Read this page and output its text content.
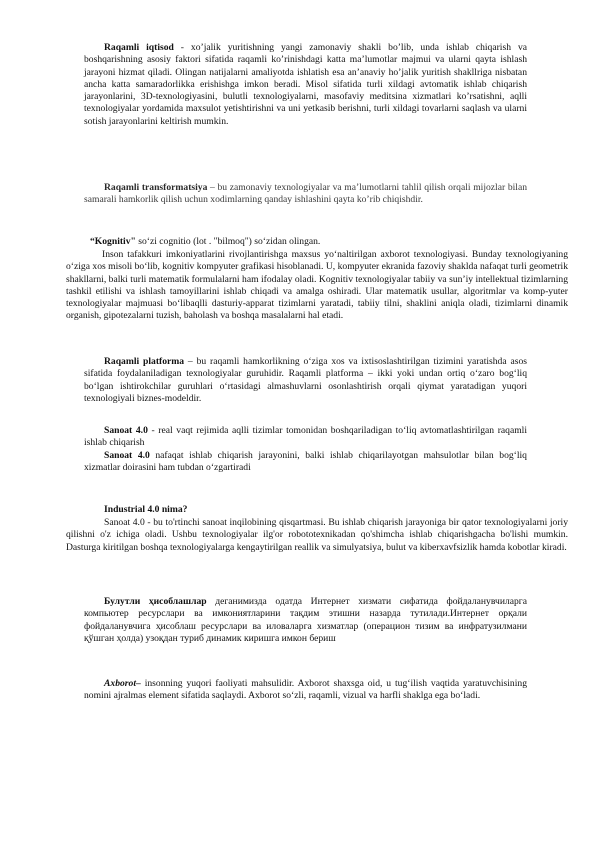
Raqamli iqtisod - xo’jalik yuritishning yangi zamonaviy shakli bo’lib, unda ishlab chiqarish va boshqarishning asosiy faktori sifatida raqamli ko’rinishdagi katta ma’lumotlar majmui va ularni qayta ishlash jarayoni hizmat qiladi. Olingan natijalarni amaliyotda ishlatish esa an’anaviy ho’jalik yuritish shakllriga nisbatan ancha katta samaradorlikka erishishga imkon beradi. Misol sifatida turli xildagi avtomatik ishlab chiqarish jarayonlarini, 3D-texnologiyasini, bulutli texnologiyalarni, masofaviy meditsina xizmatlari ko’rsatishni, aqlli texnologiyalar yordamida maxsulot yetishtirishni va uni yetkasib berishni, turli xildagi tovarlarni saqlash va ularni sotish jarayonlarini keltirish mumkin.

Raqamli transformatsiya – bu zamonaviy texnologiyalar va ma’lumotlarni tahlil qilish orqali mijozlar bilan samarali hamkorlik qilish uchun xodimlarning qanday ishlashini qayta ko’rib chiqishdir.

“Kognitiv" so‘zi cognitio (lot . "bilmoq") so‘zidan olingan.

Inson tafakkuri imkoniyatlarini rivojlantirishga maxsus yo‘naltirilgan axborot texnologiyasi. Bunday texnologiyaning o‘ziga xos misoli bo‘lib, kognitiv kompyuter grafikasi hisoblanadi. U, kompyuter ekranida fazoviy shaklda nafaqat turli geometrik shakllarni, balki turli matematik formulalarni ham ifodalay oladi. Kognitiv texnologiyalar tabiiy va sun’iy intellektual tizimlarning tashkil etilishi va ishlash tamoyillarini ishlab chiqadi va amalga oshiradi. Ular matematik usullar, algoritmlar va komp-yuter texnologiyalar majmuasi bo‘libaqlli dasturiy-apparat tizimlarni yaratadi, tabiiy tilni, shaklini aniqla oladi, tizimlarni dinamik organish, gipotezalarni tuzish, baholash va boshqa masalalarni hal etadi.

Raqamli platforma – bu raqamli hamkorlikning o‘ziga xos va ixtisoslashtirilgan tizimini yaratishda asos sifatida foydalaniladigan texnologiyalar guruhidir. Raqamli platforma – ikki yoki undan ortiq o‘zaro bog‘liq bo‘lgan ishtirokchilar guruhlari o‘rtasidagi almashuvlarni osonlashtirish orqali qiymat yaratadigan yuqori texnologiyali biznes-modeldir.

Sanoat 4.0 - real vaqt rejimida aqlli tizimlar tomonidan boshqariladigan to‘liq avtomatlashtirilgan raqamli ishlab chiqarish

Sanoat 4.0 nafaqat ishlab chiqarish jarayonini, balki ishlab chiqarilayotgan mahsulotlar bilan bog‘liq xizmatlar doirasini ham tubdan o‘zgartiradi

Industrial 4.0 nima?

Sanoat 4.0 - bu to'rtinchi sanoat inqilobining qisqartmasi. Bu ishlab chiqarish jarayoniga bir qator texnologiyalarni joriy qilishni o'z ichiga oladi. Ushbu texnologiyalar ilg'or robototexnikadan qo'shimcha ishlab chiqarishgacha bo'lishi mumkin. Dasturga kiritilgan boshqa texnologiyalarga kengaytirilgan reallik va simulyatsiya, bulut va kiberxavfsizlik hamda kobotlar kiradi.

Булутли ҳисоблашлар деганимизда одатда Интернет хизмати сифатида фойдаланувчиларга компьютер ресурслари ва имкониятларини тақдим этишни назарда тутилади.Интернет орқали фойдаланувчига ҳисоблаш ресурслари ва иловаларга хизматлар (операцион тизим ва инфратузилмани қўшган ҳолда) узоқдан туриб динамик киришга имкон бериш

Axborot– insonning yuqori faoliyati mahsulidir. Axborot shaxsga oid, u tug‘ilish vaqtida yaratuvchisining nomini ajralmas element sifatida saqlaydi. Axborot so‘zli, raqamli, vizual va harfli shaklga ega bo‘ladi.
